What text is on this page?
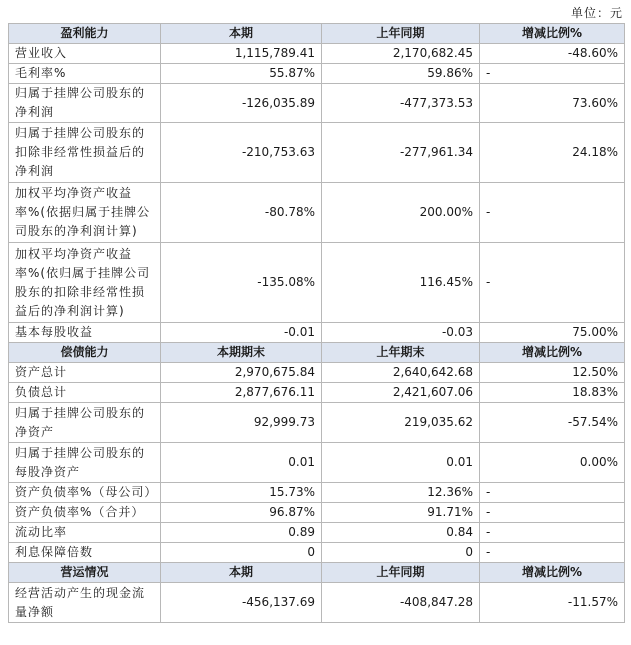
单位：元
盈利能力	本期	上年同期	增减比例%
营业收入	1,115,789.41	2,170,682.45	-48.60%
毛利率%	55.87%	59.86%	-
归属于挂牌公司股东的净利润	-126,035.89	-477,373.53	73.60%
归属于挂牌公司股东的扣除非经常性损益后的净利润	-210,753.63	-277,961.34	24.18%
加权平均净资产收益率%(依据归属于挂牌公司股东的净利润计算)	-80.78%	200.00%	-
加权平均净资产收益率%(依归属于挂牌公司股东的扣除非经常性损益后的净利润计算)	-135.08%	116.45%	-
基本每股收益	-0.01	-0.03	75.00%
偿债能力	本期期末	上年期末	增减比例%
资产总计	2,970,675.84	2,640,642.68	12.50%
负债总计	2,877,676.11	2,421,607.06	18.83%
归属于挂牌公司股东的净资产	92,999.73	219,035.62	-57.54%
归属于挂牌公司股东的每股净资产	0.01	0.01	0.00%
资产负债率%（母公司）	15.73%	12.36%	-
资产负债率%（合并）	96.87%	91.71%	-
流动比率	0.89	0.84	-
利息保障倍数	0	0	-
营运情况	本期	上年同期	增减比例%
经营活动产生的现金流量净额	-456,137.69	-408,847.28	-11.57%
